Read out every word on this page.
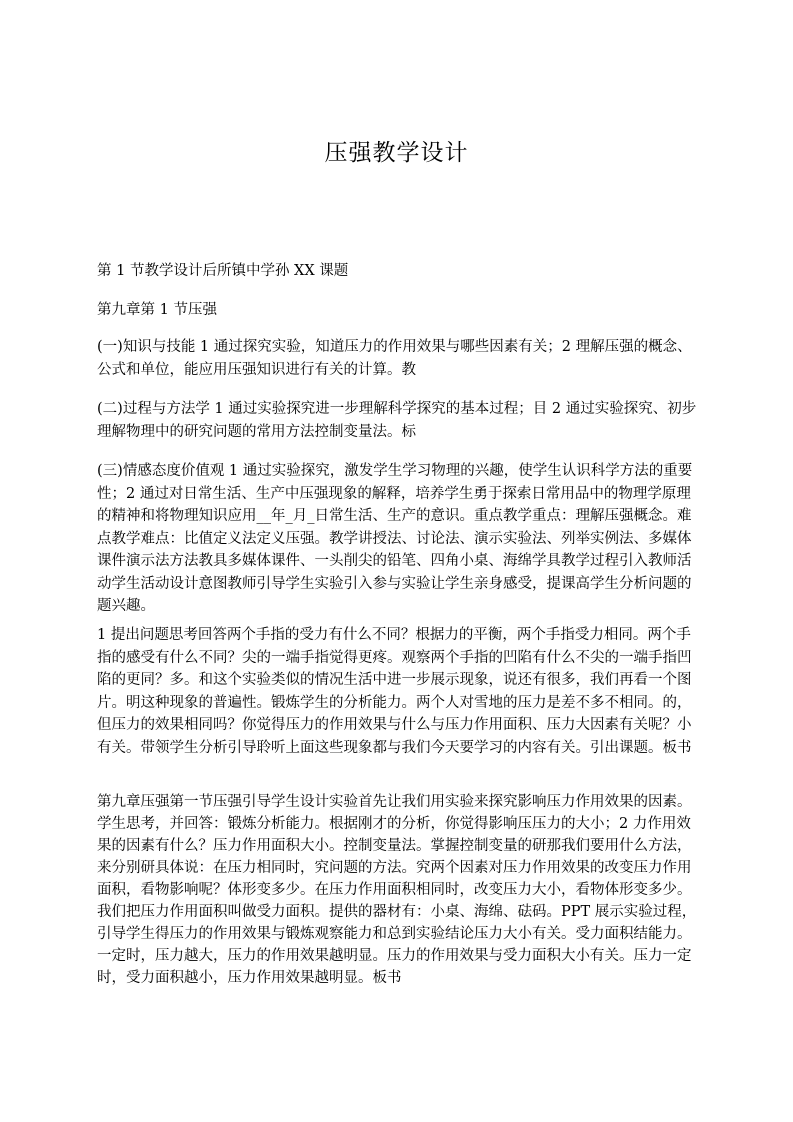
压强教学设计

第 1 节教学设计后所镇中学孙 XX 课题

第九章第 1 节压强

(一)知识与技能 1 通过探究实验，知道压力的作用效果与哪些因素有关；2 理解压强的概念、公式和单位，能应用压强知识进行有关的计算。教

(二)过程与方法学 1 通过实验探究进一步理解科学探究的基本过程；目 2 通过实验探究、初步理解物理中的研究问题的常用方法控制变量法。标

(三)情感态度价值观 1 通过实验探究，激发学生学习物理的兴趣，使学生认识科学方法的重要性；2 通过对日常生活、生产中压强现象的解释，培养学生勇于探索日常用品中的物理学原理的精神和将物理知识应用__年_月_日常生活、生产的意识。重点教学重点：理解压强概念。难点教学难点：比值定义法定义压强。教学讲授法、讨论法、演示实验法、列举实例法、多媒体课件演示法方法教具多媒体课件、一头削尖的铅笔、四角小桌、海绵学具教学过程引入教师活动学生活动设计意图教师引导学生实验引入参与实验让学生亲身感受，提课高学生分析问题的题兴趣。

1 提出问题思考回答两个手指的受力有什么不同？根据力的平衡，两个手指受力相同。两个手指的感受有什么不同？尖的一端手指觉得更疼。观察两个手指的凹陷有什么不尖的一端手指凹陷的更同？多。和这个实验类似的情况生活中进一步展示现象，说还有很多，我们再看一个图片。明这种现象的普遍性。锻炼学生的分析能力。两个人对雪地的压力是差不多不相同。的，但压力的效果相同吗？你觉得压力的作用效果与什么与压力作用面积、压力大因素有关呢？小有关。带领学生分析引导聆听上面这些现象都与我们今天要学习的内容有关。引出课题。板书

第九章压强第一节压强引导学生设计实验首先让我们用实验来探究影响压力作用效果的因素。学生思考，并回答：锻炼分析能力。根据刚才的分析，你觉得影响压压力的大小；2 力作用效果的因素有什么？压力作用面积大小。控制变量法。掌握控制变量的研那我们要用什么方法，来分别研具体说：在压力相同时，究问题的方法。究两个因素对压力作用效果的改变压力作用面积，看物影响呢？体形变多少。在压力作用面积相同时，改变压力大小，看物体形变多少。我们把压力作用面积叫做受力面积。提供的器材有：小桌、海绵、砝码。PPT 展示实验过程，引导学生得压力的作用效果与锻炼观察能力和总到实验结论压力大小有关。受力面积结能力。一定时，压力越大，压力的作用效果越明显。压力的作用效果与受力面积大小有关。压力一定时，受力面积越小，压力作用效果越明显。板书
